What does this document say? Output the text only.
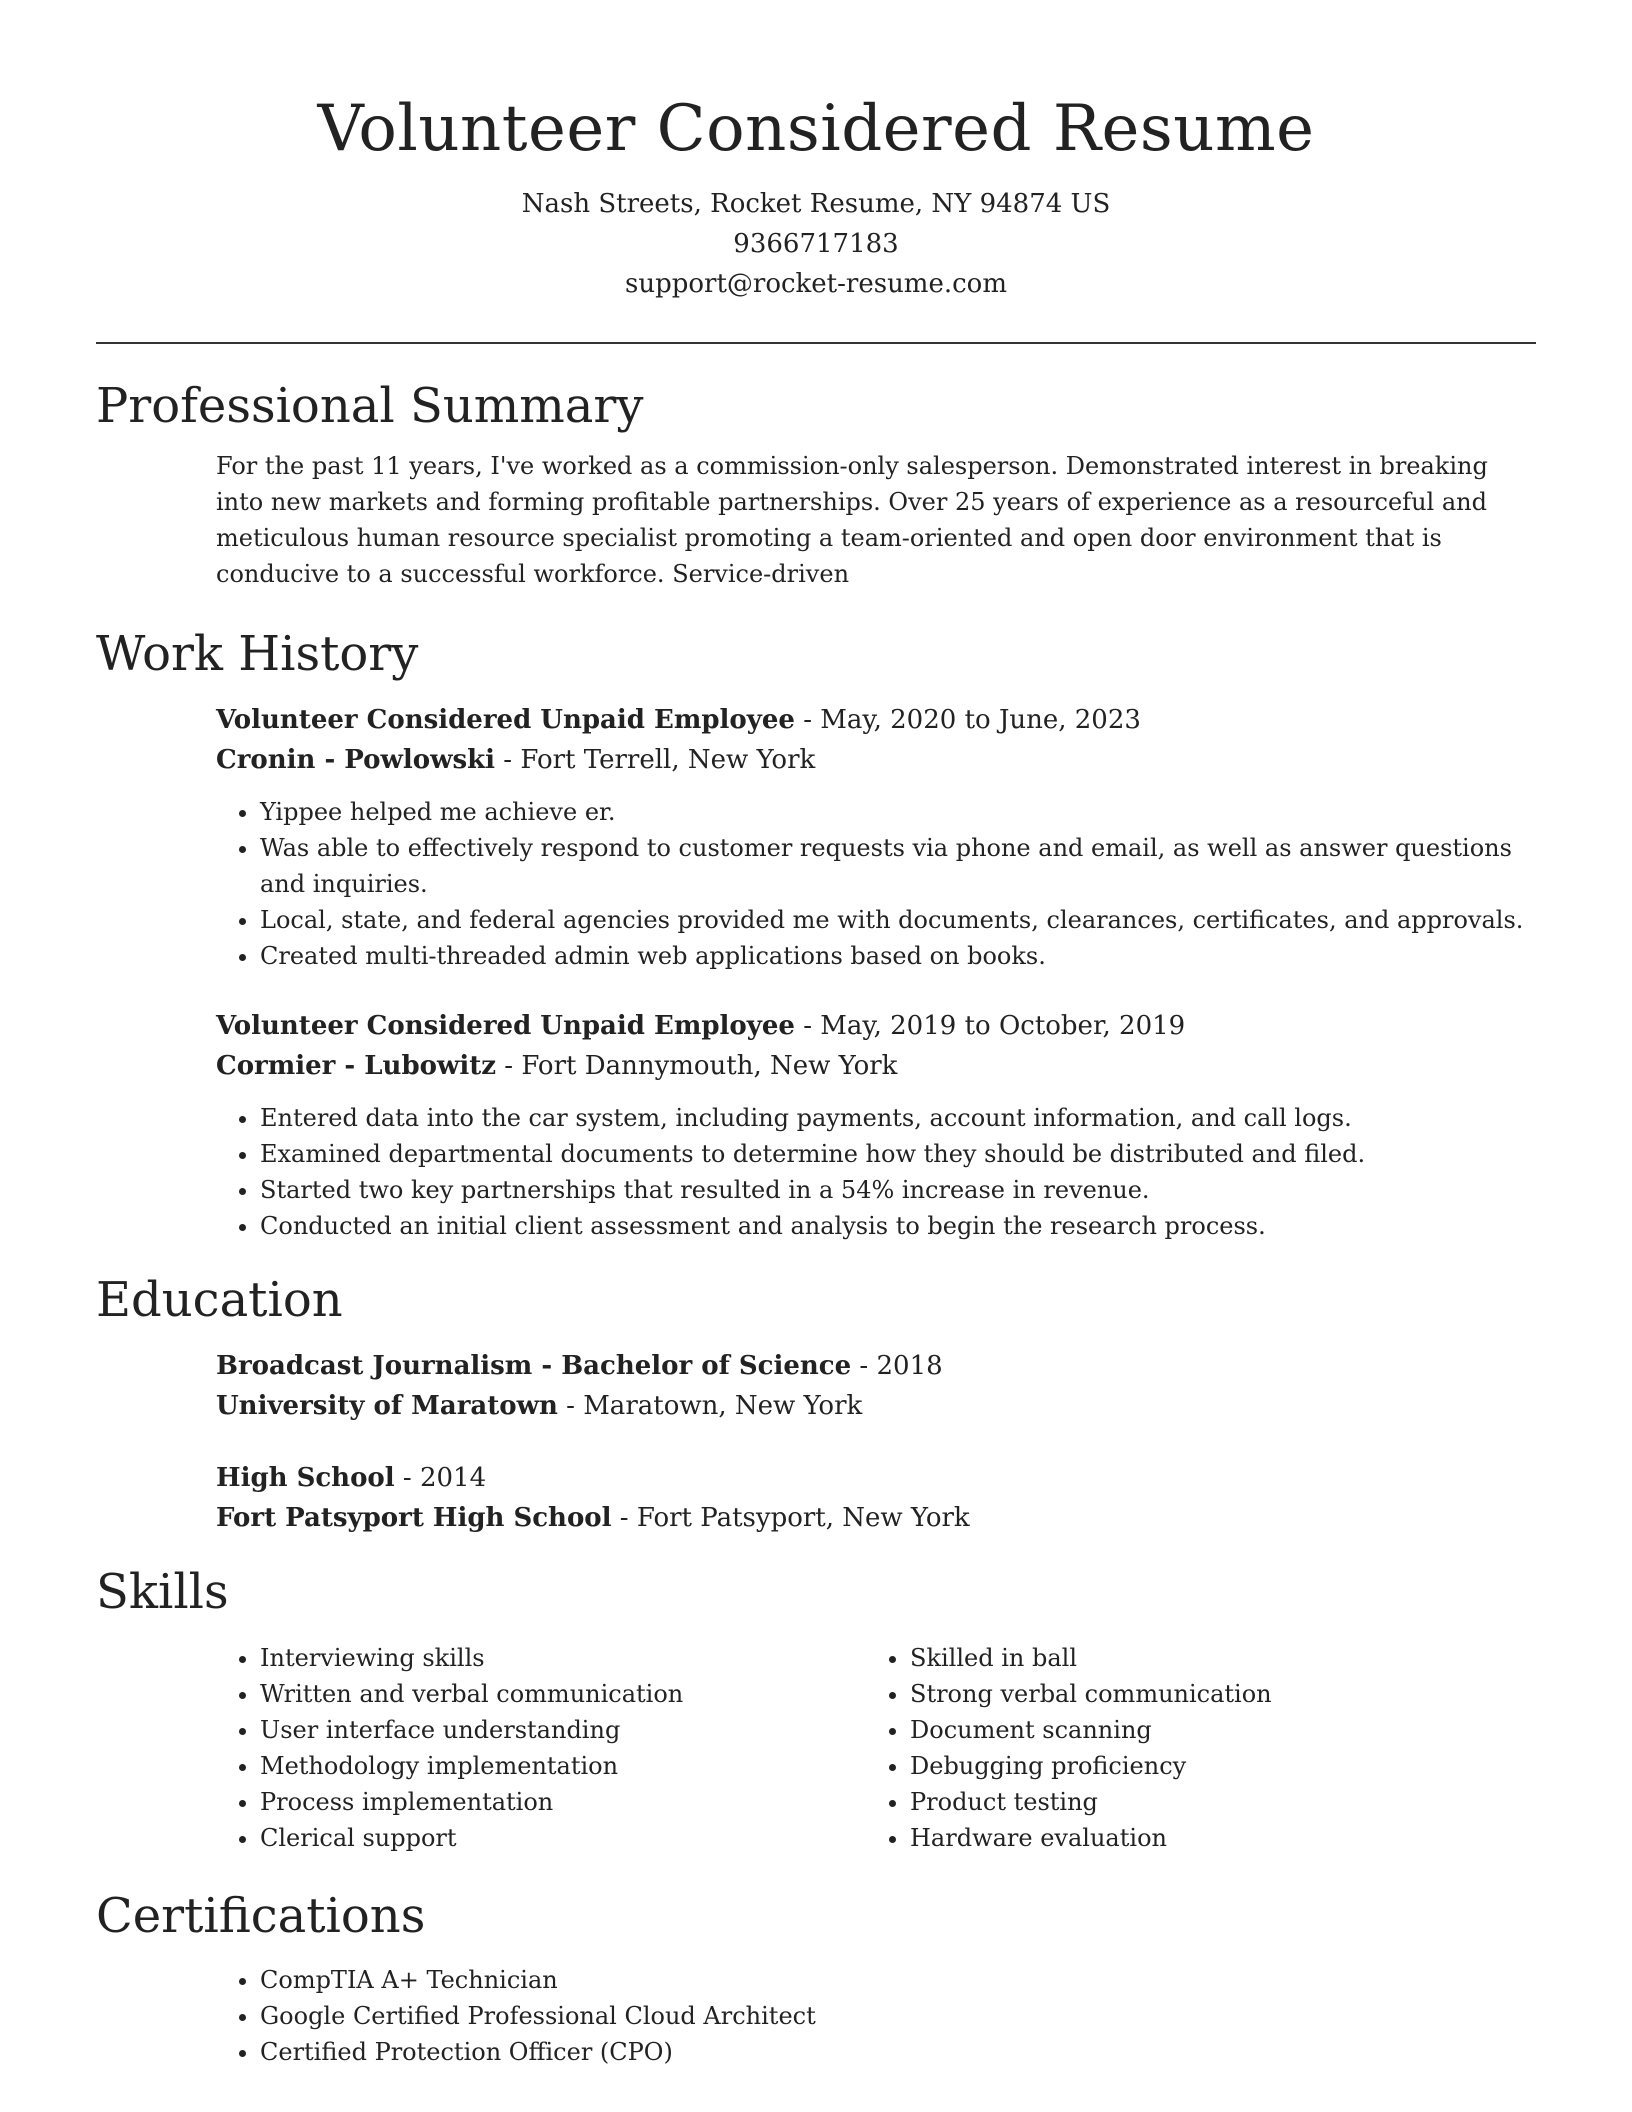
Volunteer Considered Resume
Nash Streets, Rocket Resume, NY 94874 US
9366717183
support@rocket-resume.com
Professional Summary
For the past 11 years, I've worked as a commission-only salesperson. Demonstrated interest in breaking into new markets and forming profitable partnerships. Over 25 years of experience as a resourceful and meticulous human resource specialist promoting a team-oriented and open door environment that is conducive to a successful workforce. Service-driven
Work History
Volunteer Considered Unpaid Employee - May, 2020 to June, 2023
Cronin - Powlowski - Fort Terrell, New York
• Yippee helped me achieve er.
• Was able to effectively respond to customer requests via phone and email, as well as answer questions and inquiries.
• Local, state, and federal agencies provided me with documents, clearances, certificates, and approvals.
• Created multi-threaded admin web applications based on books.
Volunteer Considered Unpaid Employee - May, 2019 to October, 2019
Cormier - Lubowitz - Fort Dannymouth, New York
• Entered data into the car system, including payments, account information, and call logs.
• Examined departmental documents to determine how they should be distributed and filed.
• Started two key partnerships that resulted in a 54% increase in revenue.
• Conducted an initial client assessment and analysis to begin the research process.
Education
Broadcast Journalism - Bachelor of Science - 2018
University of Maratown - Maratown, New York
High School - 2014
Fort Patsyport High School - Fort Patsyport, New York
Skills
• Interviewing skills
• Written and verbal communication
• User interface understanding
• Methodology implementation
• Process implementation
• Clerical support
• Skilled in ball
• Strong verbal communication
• Document scanning
• Debugging proficiency
• Product testing
• Hardware evaluation
Certifications
• CompTIA A+ Technician
• Google Certified Professional Cloud Architect
• Certified Protection Officer (CPO)
